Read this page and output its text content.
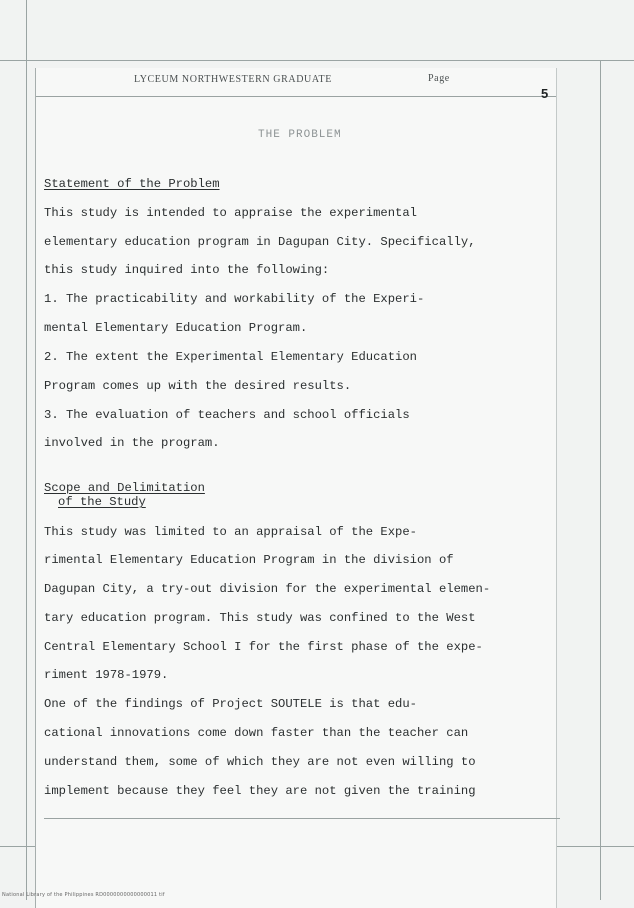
LYCEUM NORTHWESTERN GRADUATE	Page
5
THE PROBLEM
Statement of the Problem
This study is intended to appraise the experimental
elementary education program in Dagupan City. Specifically,
this study inquired into the following:
1. The practicability and workability of the Experi-
mental Elementary Education Program.
2. The extent the Experimental Elementary Education
Program comes up with the desired results.
3. The evaluation of teachers and school officials
involved in the program.
Scope and Delimitation
of the Study
This study was limited to an appraisal of the Expe-
rimental Elementary Education Program in the division of
Dagupan City, a try-out division for the experimental elemen-
tary education program. This study was confined to the West
Central Elementary School I for the first phase of the expe-
riment 1978-1979.
One of the findings of Project SOUTELE is that edu-
cational innovations come down faster than the teacher can
understand them, some of which they are not even willing to
implement because they feel they are not given the training
National Library of the Philippines RD0000000000000011 tif
